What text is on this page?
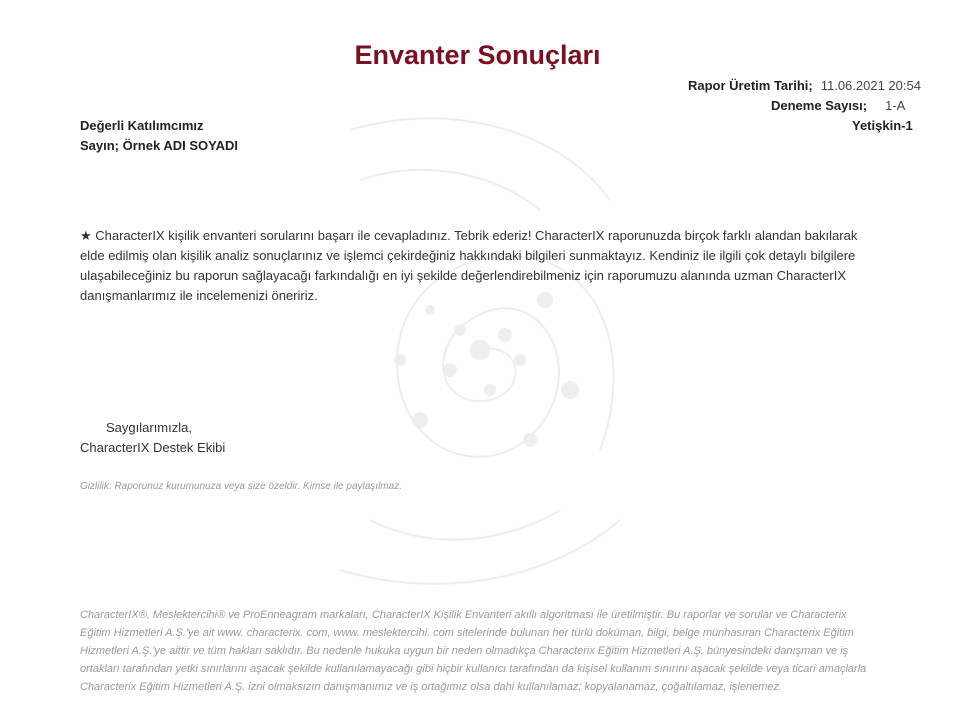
Envanter Sonuçları
Rapor Üretim Tarihi; 11.06.2021 20:54
Deneme Sayısı; 1-A
Yetişkin-1
Değerli Katılımcımız
Sayın; Örnek ADI SOYADI
★ CharacterIX kişilik envanteri sorularını başarı ile cevapladınız. Tebrik ederiz! CharacterIX raporunuzda birçok farklı alandan bakılarak elde edilmiş olan kişilik analiz sonuçlarınız ve işlemci çekirdeğiniz hakkındaki bilgileri sunmaktayız. Kendiniz ile ilgili çok detaylı bilgilere ulaşabileceğiniz bu raporun sağlayacağı farkındalığı en iyi şekilde değerlendirebilmeniz için raporumuzu alanında uzman CharacterIX danışmanlarımız ile incelemenizi öneririz.
Saygılarımızla,
CharacterIX Destek Ekibi
Gizlilik: Raporunuz kurumunuza veya size özeldir. Kimse ile paylaşılmaz.
CharacterIX®, Meslektercihi® ve ProEnneagram markaları, CharacterIX Kişilik Envanteri akıllı algoritması ile üretilmiştir. Bu raporlar ve sorular ve Characterix Eğitim Hizmetleri A.Ş.'ye ait www. characterix. com, www. meslektercihi. com sitelerinde bulunan her türlü doküman, bilgi, belge münhasıran Characterix Eğitim Hizmetleri A.Ş.'ye aittir ve tüm hakları saklıdır. Bu nedenle hukuka uygun bir neden olmadıkça Characterix Eğitim Hizmetleri A.Ş. bünyesindeki danışman ve iş ortakları tarafından yetki sınırlarını aşacak şekilde kullanılamayacağı gibi hiçbir kullanıcı tarafından da kişisel kullanım sınırını aşacak şekilde veya ticari amaçlarla Characterix Eğitim Hizmetleri A.Ş. izni olmaksızın danışmanımız ve iş ortağımız olsa dahi kullanılamaz; kopyalanamaz, çoğaltılamaz, işlenemez.
